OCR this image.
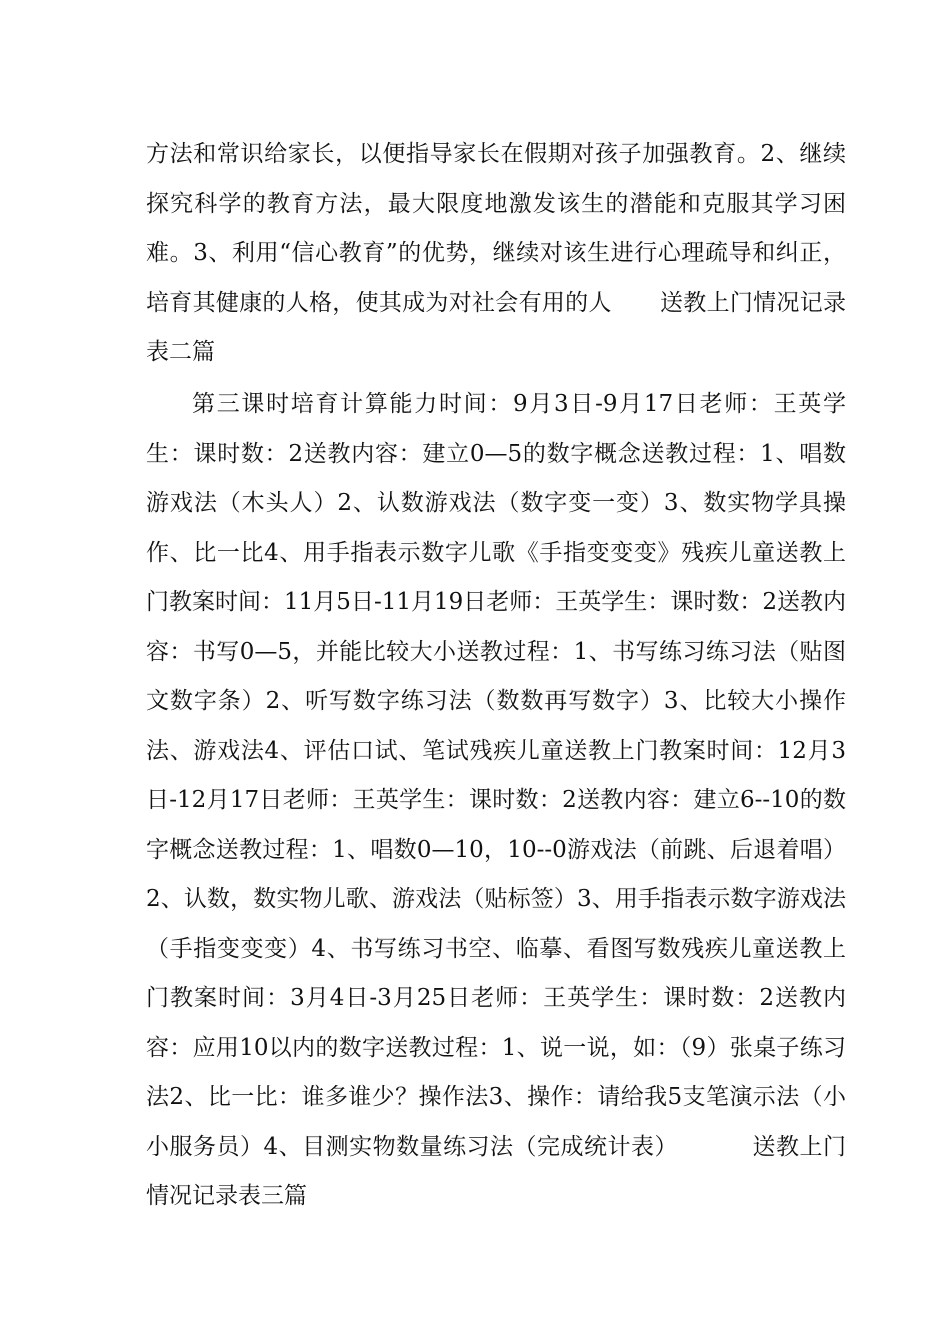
方法和常识给家长，以便指导家长在假期对孩子加强教育。2、继续探究科学的教育方法，最大限度地激发该生的潜能和克服其学习困难。3、利用“信心教育”的优势，继续对该生进行心理疏导和纠正，培育其健康的人格，使其成为对社会有用的人 送教上门情况记录表二篇

第三课时培育计算能力时间：9月3日-9月17日老师：王英学生：课时数：2送教内容：建立0—5的数字概念送教过程：1、唱数游戏法（木头人）2、认数游戏法（数字变一变）3、数实物学具操作、比一比4、用手指表示数字儿歌《手指变变变》残疾儿童送教上门教案时间：11月5日-11月19日老师：王英学生：课时数：2送教内容：书写0—5，并能比较大小送教过程：1、书写练习练习法（贴图文数字条）2、听写数字练习法（数数再写数字）3、比较大小操作法、游戏法4、评估口试、笔试残疾儿童送教上门教案时间：12月3日-12月17日老师：王英学生：课时数：2送教内容：建立6--10的数字概念送教过程：1、唱数0—10，10--0游戏法（前跳、后退着唱）2、认数，数实物儿歌、游戏法（贴标签）3、用手指表示数字游戏法（手指变变变）4、书写练习书空、临摹、看图写数残疾儿童送教上门教案时间：3月4日-3月25日老师：王英学生：课时数：2送教内容：应用10以内的数字送教过程：1、说一说，如：（9）张桌子练习法2、比一比：谁多谁少？操作法3、操作：请给我5支笔演示法（小小服务员）4、目测实物数量练习法（完成统计表）	送教上门情况记录表三篇
